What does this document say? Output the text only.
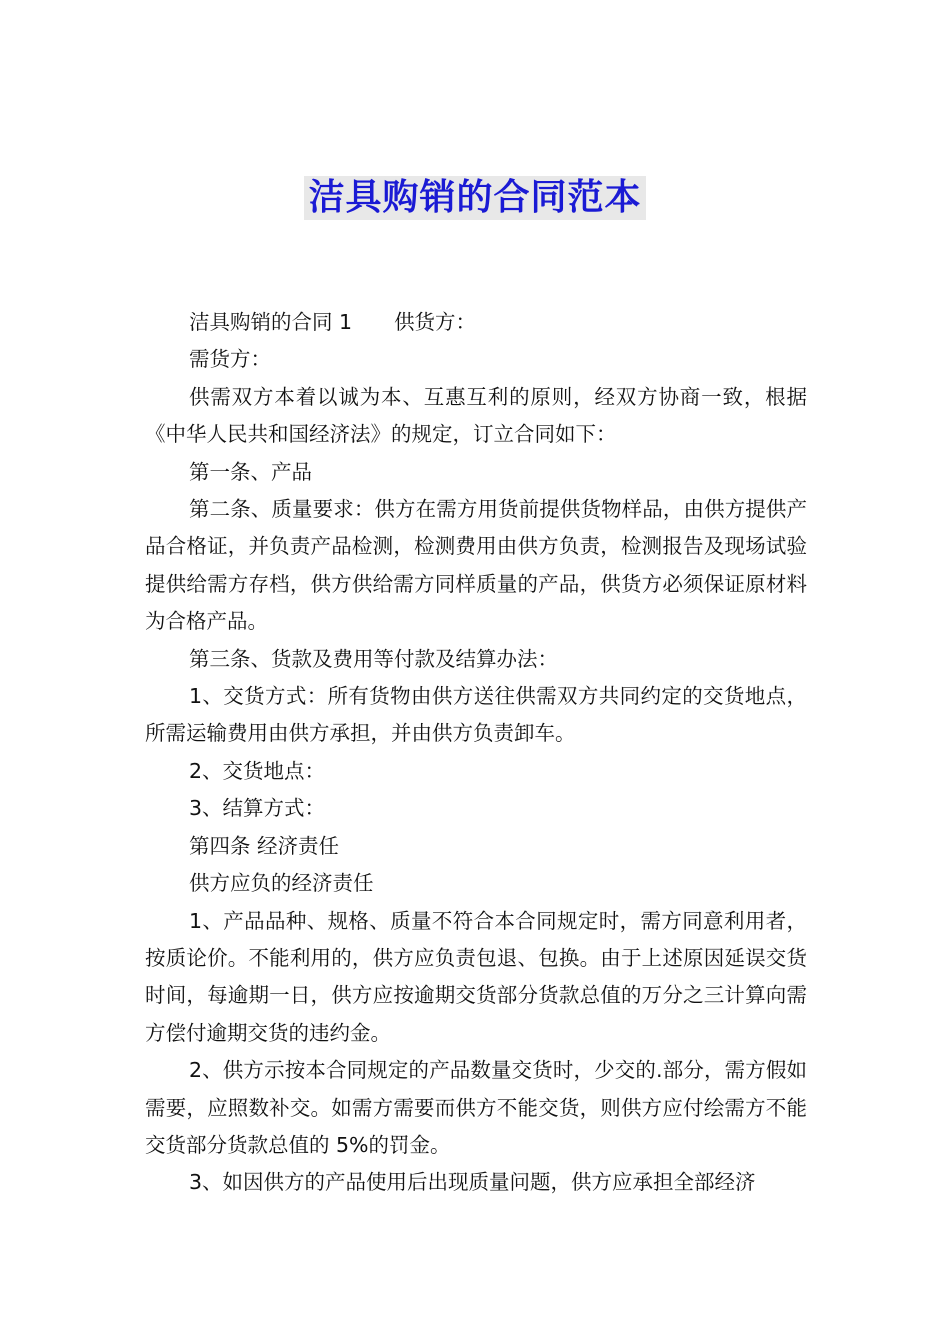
洁具购销的合同范本

洁具购销的合同 1 供货方：

需货方：

供需双方本着以诚为本、互惠互利的原则，经双方协商一致，根据《中华人民共和国经济法》的规定，订立合同如下：

第一条、产品

第二条、质量要求：供方在需方用货前提供货物样品，由供方提供产品合格证，并负责产品检测，检测费用由供方负责，检测报告及现场试验提供给需方存档，供方供给需方同样质量的产品，供货方必须保证原材料为合格产品。

第三条、货款及费用等付款及结算办法：

1、交货方式：所有货物由供方送往供需双方共同约定的交货地点，所需运输费用由供方承担，并由供方负责卸车。

2、交货地点：

3、结算方式：

第四条 经济责任

供方应负的经济责任

1、产品品种、规格、质量不符合本合同规定时，需方同意利用者，按质论价。不能利用的，供方应负责包退、包换。由于上述原因延误交货时间，每逾期一日，供方应按逾期交货部分货款总值的万分之三计算向需方偿付逾期交货的违约金。

2、供方示按本合同规定的产品数量交货时，少交的.部分，需方假如需要，应照数补交。如需方需要而供方不能交货，则供方应付绘需方不能交货部分货款总值的 5%的罚金。

3、如因供方的产品使用后出现质量问题，供方应承担全部经济
